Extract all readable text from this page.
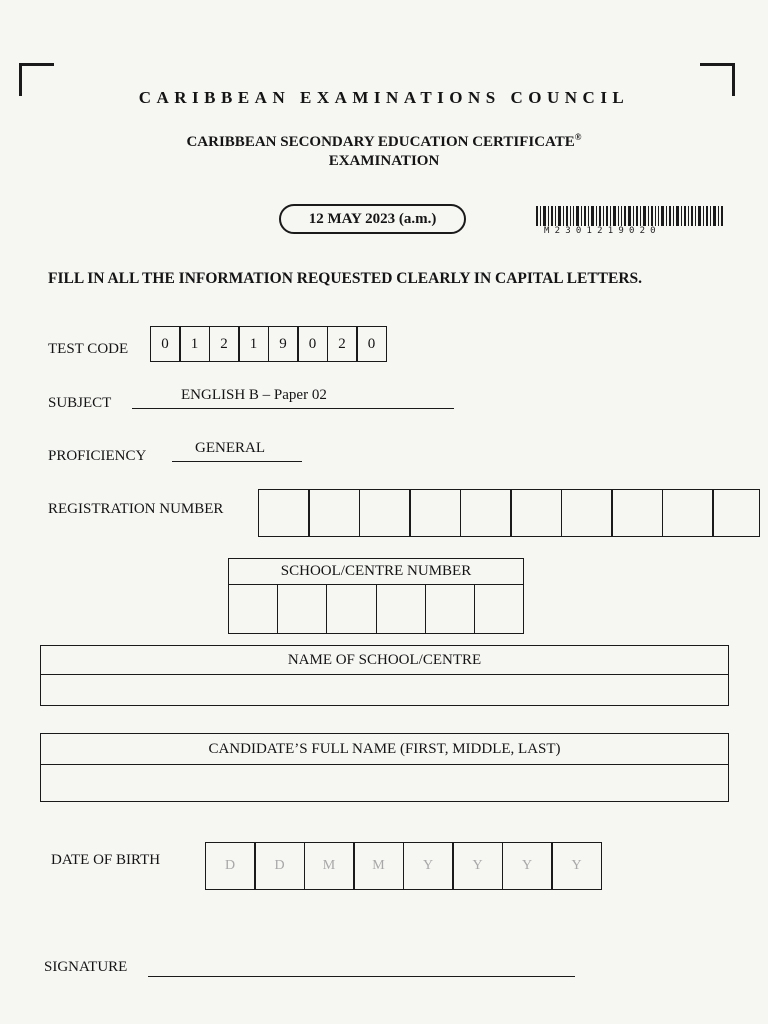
CARIBBEAN EXAMINATIONS COUNCIL
CARIBBEAN SECONDARY EDUCATION CERTIFICATE®
EXAMINATION
12 MAY 2023 (a.m.)
M2301219020
FILL IN ALL THE INFORMATION REQUESTED CLEARLY IN CAPITAL LETTERS.
TEST CODE	0	1	2	1	9	0	2	0
SUBJECT	ENGLISH B – Paper 02
PROFICIENCY	GENERAL
REGISTRATION NUMBER
SCHOOL/CENTRE NUMBER
NAME OF SCHOOL/CENTRE
CANDIDATE’S FULL NAME (FIRST, MIDDLE, LAST)
DATE OF BIRTH	D	D	M	M	Y	Y	Y	Y
SIGNATURE
